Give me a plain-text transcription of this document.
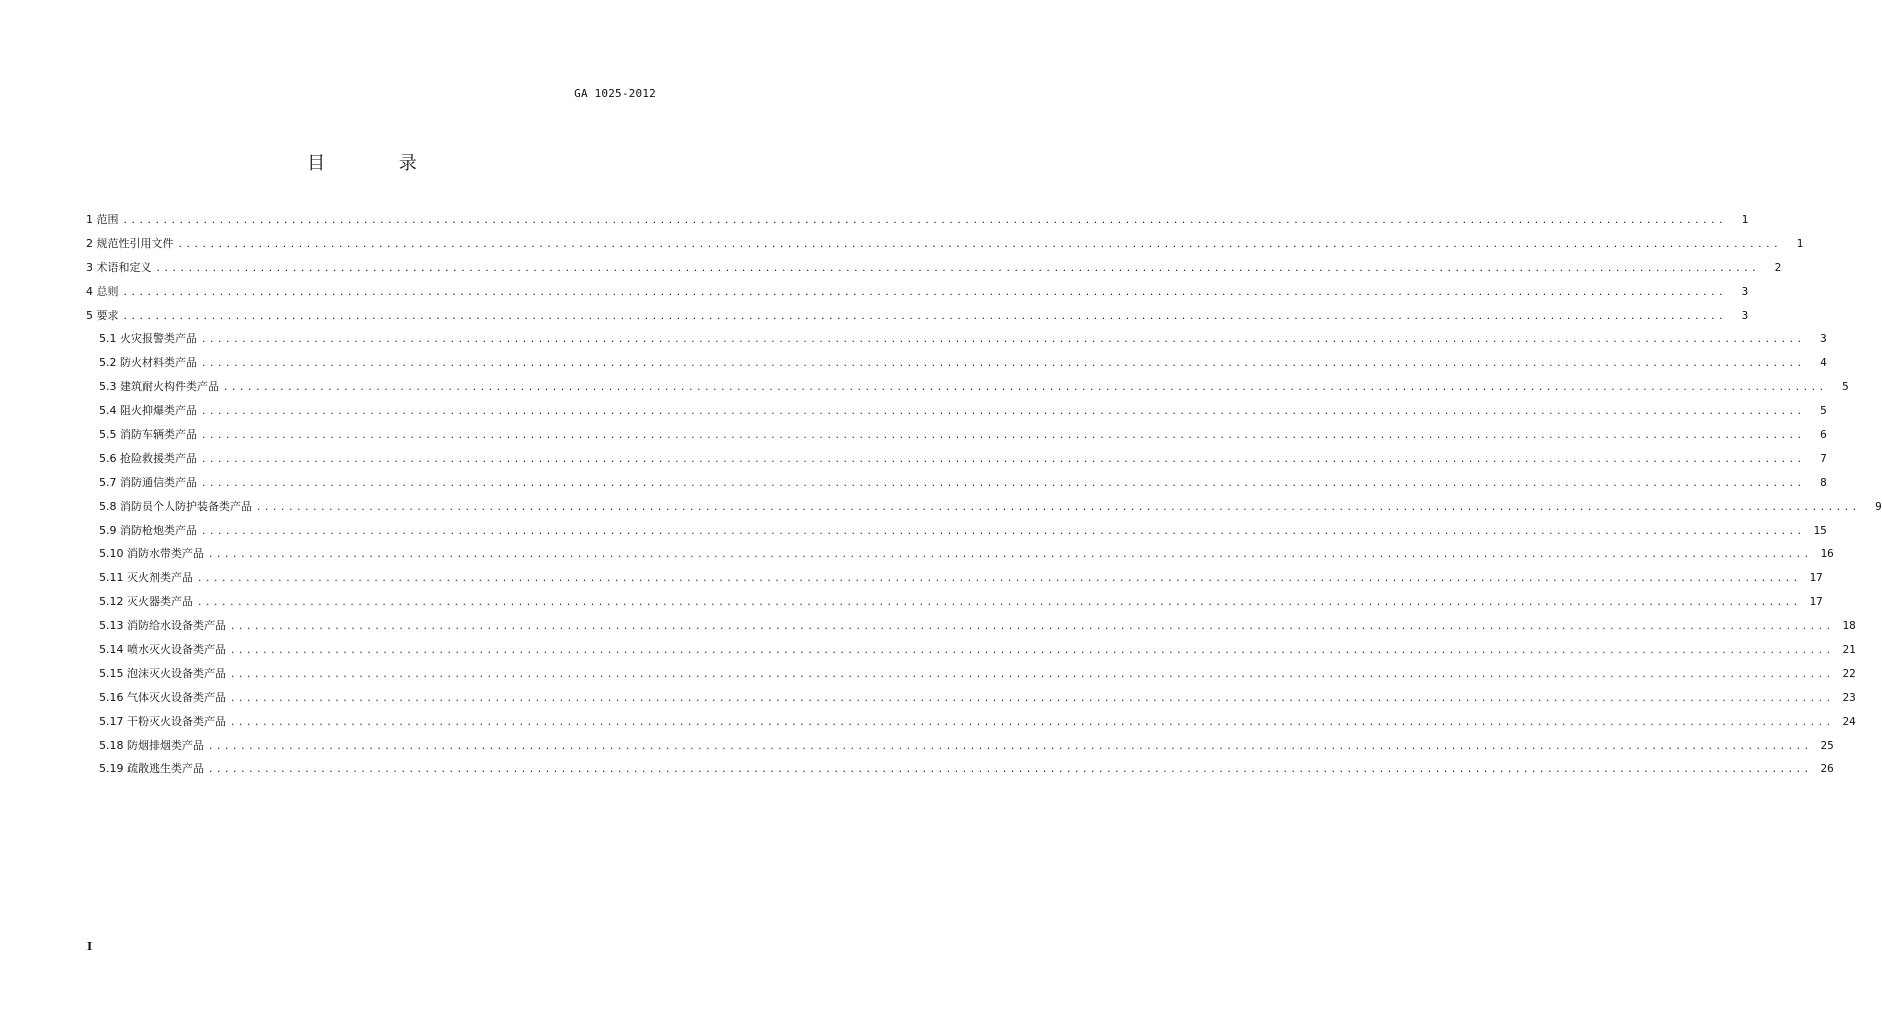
GA 1025-2012
目 录
1 范围 ........................................................................................................................................................................................................	1
2 规范性引用文件 ........................................................................................................................................................................................................	1
3 术语和定义 ........................................................................................................................................................................................................	2
4 总则 ........................................................................................................................................................................................................	3
5 要求 ........................................................................................................................................................................................................	3
5.1 火灾报警类产品 ........................................................................................................................................................................................................	3
5.2 防火材料类产品 ........................................................................................................................................................................................................	4
5.3 建筑耐火构件类产品 ........................................................................................................................................................................................................	5
5.4 阻火抑爆类产品 ........................................................................................................................................................................................................	5
5.5 消防车辆类产品 ........................................................................................................................................................................................................	6
5.6 抢险救援类产品 ........................................................................................................................................................................................................	7
5.7 消防通信类产品 ........................................................................................................................................................................................................	8
5.8 消防员个人防护装备类产品 ........................................................................................................................................................................................................	9
5.9 消防枪炮类产品 ........................................................................................................................................................................................................ 15
5.10 消防水带类产品 ........................................................................................................................................................................................................ 16
5.11 灭火剂类产品 ........................................................................................................................................................................................................ 17
5.12 灭火器类产品 ........................................................................................................................................................................................................ 17
5.13 消防给水设备类产品 ........................................................................................................................................................................................................ 18
5.14 喷水灭火设备类产品 ........................................................................................................................................................................................................ 21
5.15 泡沫灭火设备类产品 ........................................................................................................................................................................................................ 22
5.16 气体灭火设备类产品 ........................................................................................................................................................................................................ 23
5.17 干粉灭火设备类产品 ........................................................................................................................................................................................................ 24
5.18 防烟排烟类产品 ........................................................................................................................................................................................................ 25
5.19 疏散逃生类产品 ........................................................................................................................................................................................................ 26
I
